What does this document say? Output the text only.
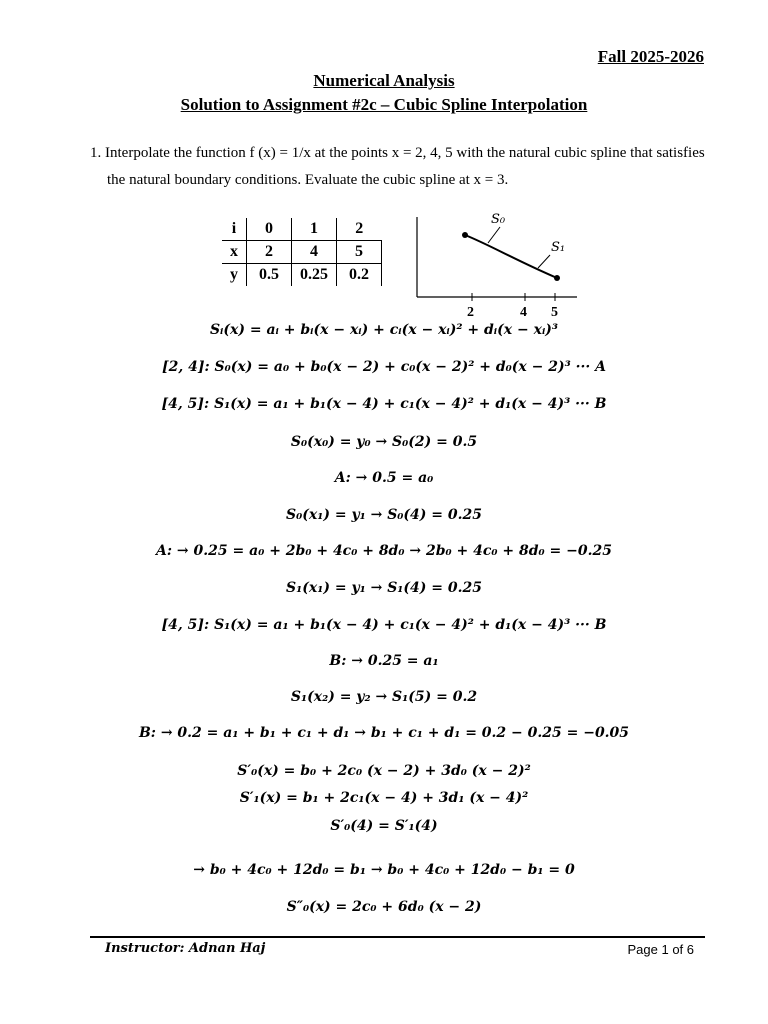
Fall 2025-2026
Numerical Analysis
Solution to Assignment #2c – Cubic Spline Interpolation
1. Interpolate the function f (x) = 1/x at the points x = 2, 4, 5 with the natural cubic spline that satisfies
the natural boundary conditions. Evaluate the cubic spline at x = 3.
i	0	1	2
x	2	4	5
y	0.5	0.25	0.2
S₀
S₁
2	4 5
Sᵢ(x) = aᵢ + bᵢ(x − xᵢ) + cᵢ(x − xᵢ)² + dᵢ(x − xᵢ)³
[2, 4]: S₀(x) = a₀ + b₀(x − 2) + c₀(x − 2)² + d₀(x − 2)³ ··· A
[4, 5]: S₁(x) = a₁ + b₁(x − 4) + c₁(x − 4)² + d₁(x − 4)³ ··· B
S₀(x₀) = y₀ → S₀(2) = 0.5
A: → 0.5 = a₀
S₀(x₁) = y₁ → S₀(4) = 0.25
A: → 0.25 = a₀ + 2b₀ + 4c₀ + 8d₀ → 2b₀ + 4c₀ + 8d₀ = −0.25
S₁(x₁) = y₁ → S₁(4) = 0.25
[4, 5]: S₁(x) = a₁ + b₁(x − 4) + c₁(x − 4)² + d₁(x − 4)³ ··· B
B: → 0.25 = a₁
S₁(x₂) = y₂ → S₁(5) = 0.2
B: → 0.2 = a₁ + b₁ + c₁ + d₁ → b₁ + c₁ + d₁ = 0.2 − 0.25 = −0.05
S′₀(x) = b₀ + 2c₀ (x − 2) + 3d₀ (x − 2)²
S′₁(x) = b₁ + 2c₁(x − 4) + 3d₁ (x − 4)²
S′₀(4) = S′₁(4)
→ b₀ + 4c₀ + 12d₀ = b₁ → b₀ + 4c₀ + 12d₀ − b₁ = 0
S″₀(x) = 2c₀ + 6d₀ (x − 2)
Instructor: Adnan Haj	Page 1 of 6
